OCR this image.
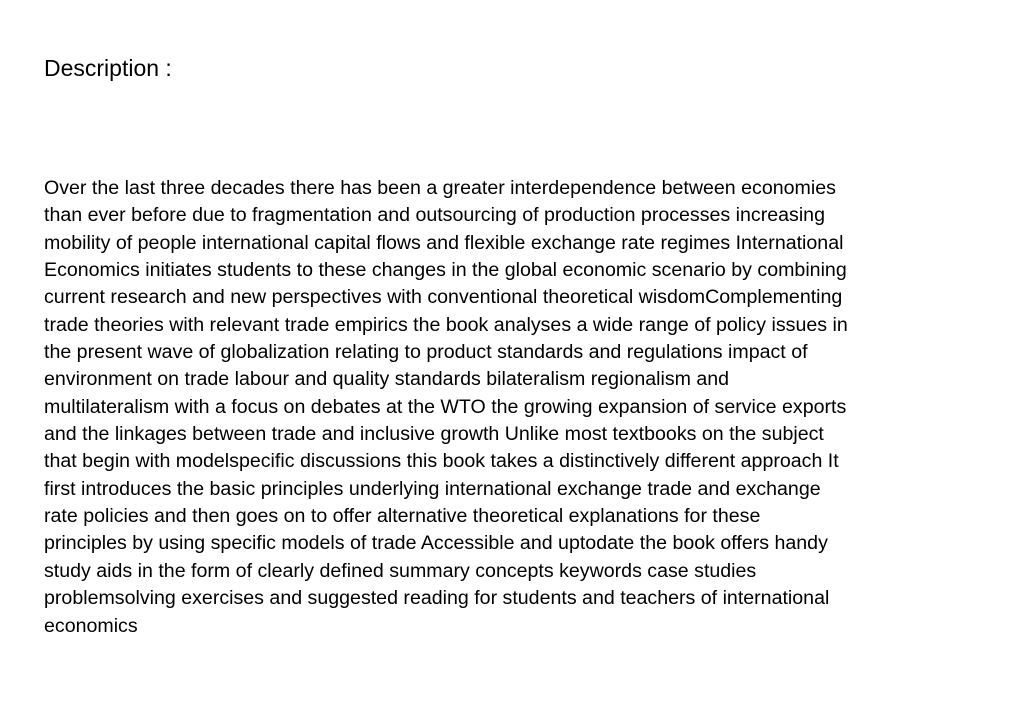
Description :
Over the last three decades there has been a greater interdependence between economies
than ever before due to fragmentation and outsourcing of production processes increasing
mobility of people international capital flows and flexible exchange rate regimes International
Economics initiates students to these changes in the global economic scenario by combining
current research and new perspectives with conventional theoretical wisdomComplementing
trade theories with relevant trade empirics the book analyses a wide range of policy issues in
the present wave of globalization relating to product standards and regulations impact of
environment on trade labour and quality standards bilateralism regionalism and
multilateralism with a focus on debates at the WTO the growing expansion of service exports
and the linkages between trade and inclusive growth Unlike most textbooks on the subject
that begin with modelspecific discussions this book takes a distinctively different approach It
first introduces the basic principles underlying international exchange trade and exchange
rate policies and then goes on to offer alternative theoretical explanations for these
principles by using specific models of trade Accessible and uptodate the book offers handy
study aids in the form of clearly defined summary concepts keywords case studies
problemsolving exercises and suggested reading for students and teachers of international
economics
